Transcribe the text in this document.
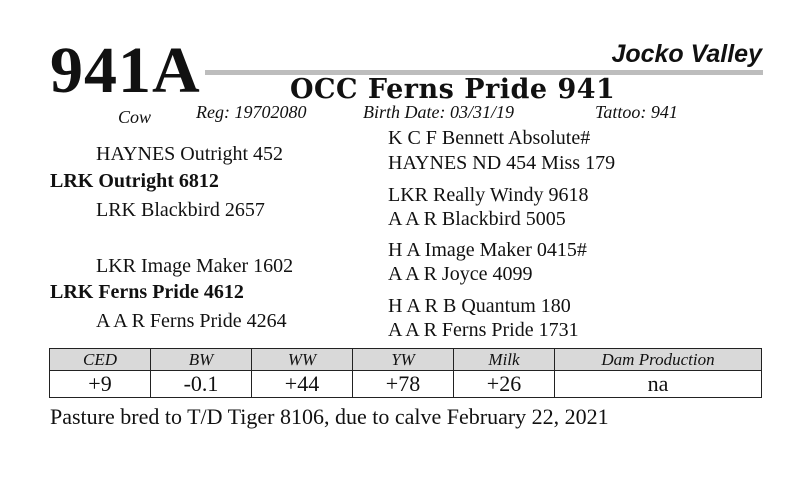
941A	Jocko Valley
OCC Ferns Pride 941
Cow Reg: 19702080	Birth Date: 03/31/19	Tattoo: 941
HAYNES Outright 452
LRK Outright 6812
LRK Blackbird 2657
K C F Bennett Absolute#
HAYNES ND 454 Miss 179
LKR Really Windy 9618
A A R Blackbird 5005
LKR Image Maker 1602
LRK Ferns Pride 4612
A A R Ferns Pride 4264
H A Image Maker 0415#
A A R Joyce 4099
H A R B Quantum 180
A A R Ferns Pride 1731
CED	BW	WW	YW	Milk	Dam Production
+9	-0.1	+44	+78	+26	na
Pasture bred to T/D Tiger 8106, due to calve February 22, 2021
